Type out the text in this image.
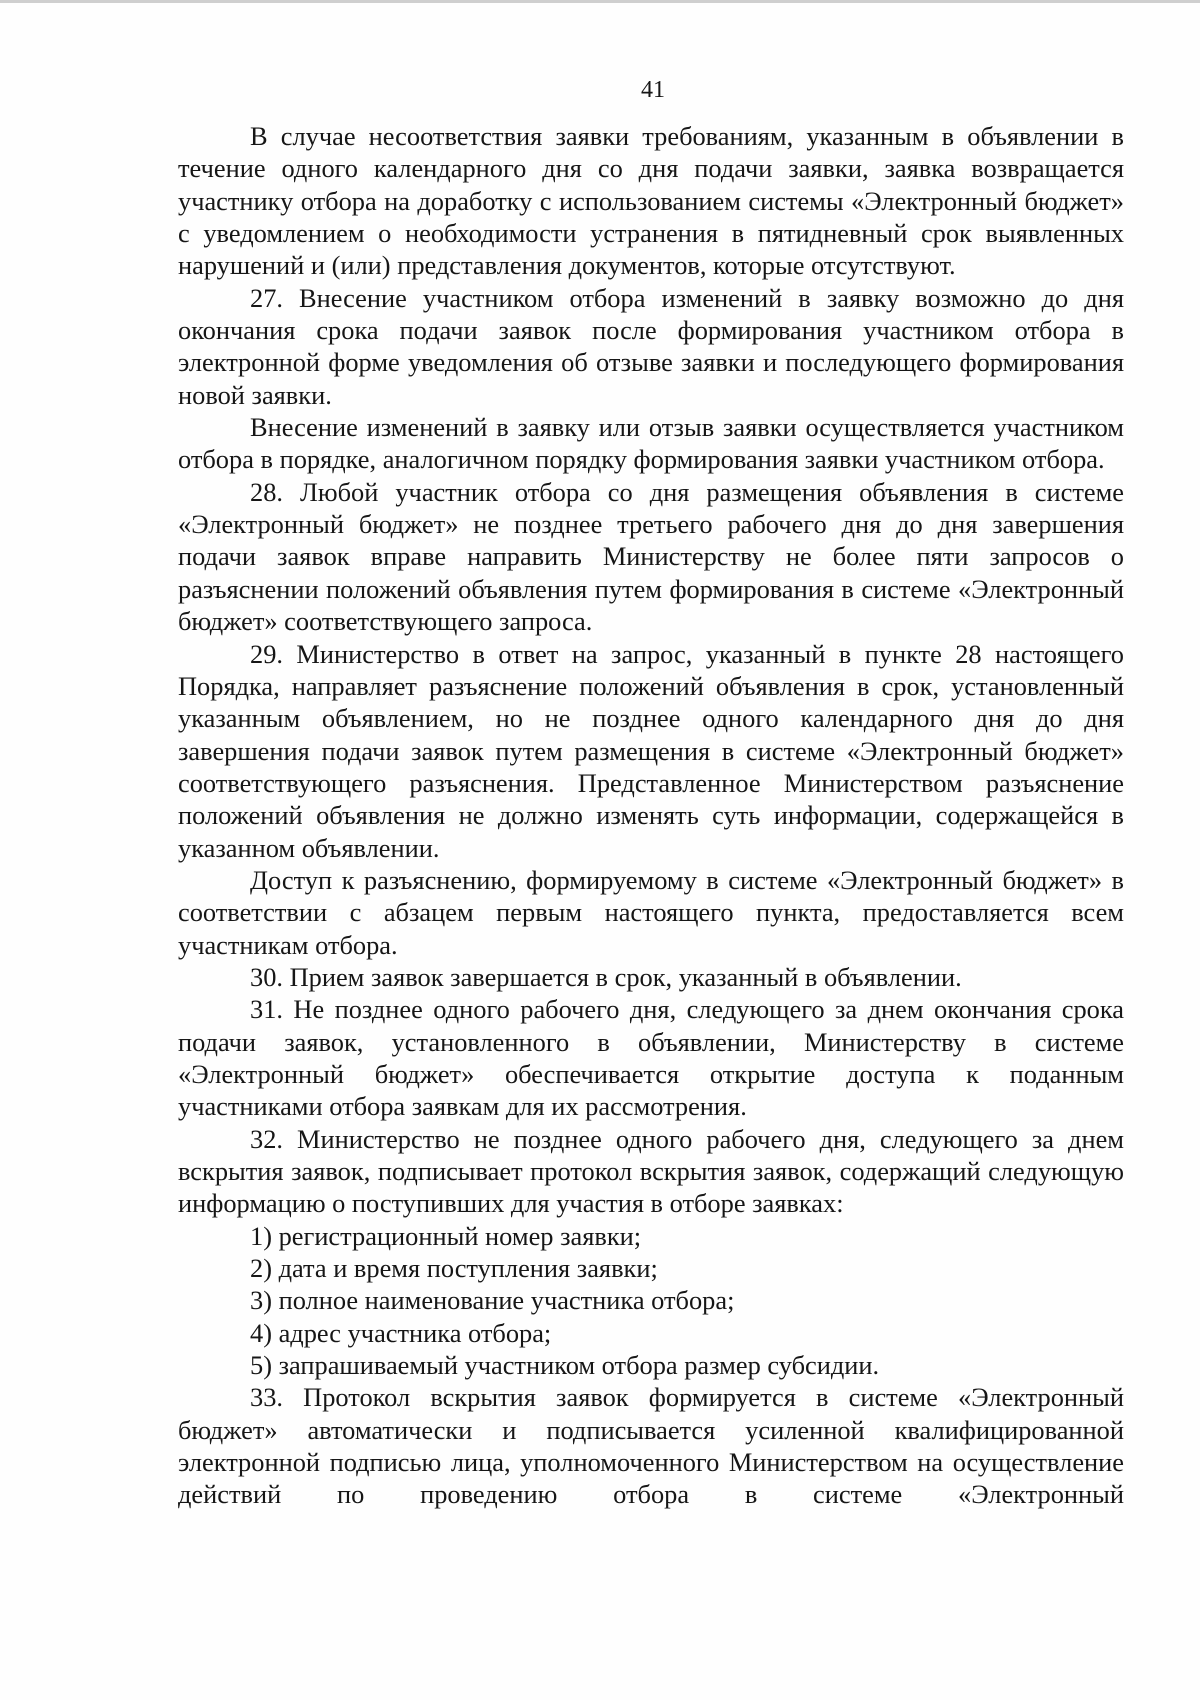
41

В случае несоответствия заявки требованиям, указанным в объявлении в течение одного календарного дня со дня подачи заявки, заявка возвращается участнику отбора на доработку с использованием системы «Электронный бюджет» с уведомлением о необходимости устранения в пятидневный срок выявленных нарушений и (или) представления документов, которые отсутствуют.

27. Внесение участником отбора изменений в заявку возможно до дня окончания срока подачи заявок после формирования участником отбора в электронной форме уведомления об отзыве заявки и последующего формирования новой заявки.

Внесение изменений в заявку или отзыв заявки осуществляется участником отбора в порядке, аналогичном порядку формирования заявки участником отбора.

28. Любой участник отбора со дня размещения объявления в системе «Электронный бюджет» не позднее третьего рабочего дня до дня завершения подачи заявок вправе направить Министерству не более пяти запросов о разъяснении положений объявления путем формирования в системе «Электронный бюджет» соответствующего запроса.

29. Министерство в ответ на запрос, указанный в пункте 28 настоящего Порядка, направляет разъяснение положений объявления в срок, установленный указанным объявлением, но не позднее одного календарного дня до дня завершения подачи заявок путем размещения в системе «Электронный бюджет» соответствующего разъяснения. Представленное Министерством разъяснение положений объявления не должно изменять суть информации, содержащейся в указанном объявлении.

Доступ к разъяснению, формируемому в системе «Электронный бюджет» в соответствии с абзацем первым настоящего пункта, предоставляется всем участникам отбора.

30. Прием заявок завершается в срок, указанный в объявлении.

31. Не позднее одного рабочего дня, следующего за днем окончания срока подачи заявок, установленного в объявлении, Министерству в системе «Электронный бюджет» обеспечивается открытие доступа к поданным участниками отбора заявкам для их рассмотрения.

32. Министерство не позднее одного рабочего дня, следующего за днем вскрытия заявок, подписывает протокол вскрытия заявок, содержащий следующую информацию о поступивших для участия в отборе заявках:

1) регистрационный номер заявки;

2) дата и время поступления заявки;

3) полное наименование участника отбора;

4) адрес участника отбора;

5) запрашиваемый участником отбора размер субсидии.

33. Протокол вскрытия заявок формируется в системе «Электронный бюджет» автоматически и подписывается усиленной квалифицированной электронной подписью лица, уполномоченного Министерством на осуществление действий по проведению отбора в системе «Электронный
